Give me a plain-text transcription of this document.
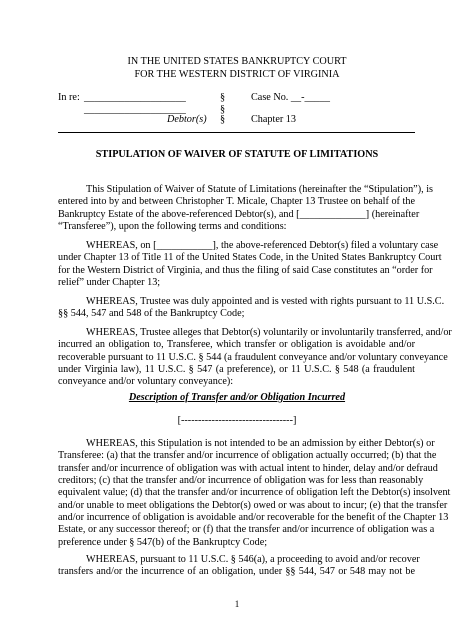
IN THE UNITED STATES BANKRUPTCY COURT
FOR THE WESTERN DISTRICT OF VIRGINIA
In re: ____________________
____________________
Debtor(s)
§
§
§
Case No. __-_____
Chapter 13
STIPULATION OF WAIVER OF STATUTE OF LIMITATIONS
This Stipulation of Waiver of Statute of Limitations (hereinafter the “Stipulation”), is
entered into by and between Christopher T. Micale, Chapter 13 Trustee on behalf of the
Bankruptcy Estate of the above-referenced Debtor(s), and [_____________] (hereinafter
“Transferee”), upon the following terms and conditions:
WHEREAS, on [___________], the above-referenced Debtor(s) filed a voluntary case
under Chapter 13 of Title 11 of the United States Code, in the United States Bankruptcy Court
for the Western District of Virginia, and thus the filing of said Case constitutes an “order for
relief” under Chapter 13;
WHEREAS, Trustee was duly appointed and is vested with rights pursuant to 11 U.S.C.
§§ 544, 547 and 548 of the Bankruptcy Code;
WHEREAS, Trustee alleges that Debtor(s) voluntarily or involuntarily transferred, and/or
incurred an obligation to, Transferee, which transfer or obligation is avoidable and/or
recoverable pursuant to 11 U.S.C. § 544 (a fraudulent conveyance and/or voluntary conveyance
under Virginia law), 11 U.S.C. § 547 (a preference), or 11 U.S.C. § 548 (a fraudulent
conveyance and/or voluntary conveyance):
Description of Transfer and/or Obligation Incurred
[---------------------------------]
WHEREAS, this Stipulation is not intended to be an admission by either Debtor(s) or
Transferee: (a) that the transfer and/or incurrence of obligation actually occurred; (b) that the
transfer and/or incurrence of obligation was with actual intent to hinder, delay and/or defraud
creditors; (c) that the transfer and/or incurrence of obligation was for less than reasonably
equivalent value; (d) that the transfer and/or incurrence of obligation left the Debtor(s) insolvent
and/or unable to meet obligations the Debtor(s) owed or was about to incur; (e) that the transfer
and/or incurrence of obligation is avoidable and/or recoverable for the benefit of the Chapter 13
Estate, or any successor thereof; or (f) that the transfer and/or incurrence of obligation was a
preference under § 547(b) of the Bankruptcy Code;
WHEREAS, pursuant to 11 U.S.C. § 546(a), a proceeding to avoid and/or recover
transfers and/or the incurrence of an obligation, under §§ 544, 547 or 548 may not be
1
